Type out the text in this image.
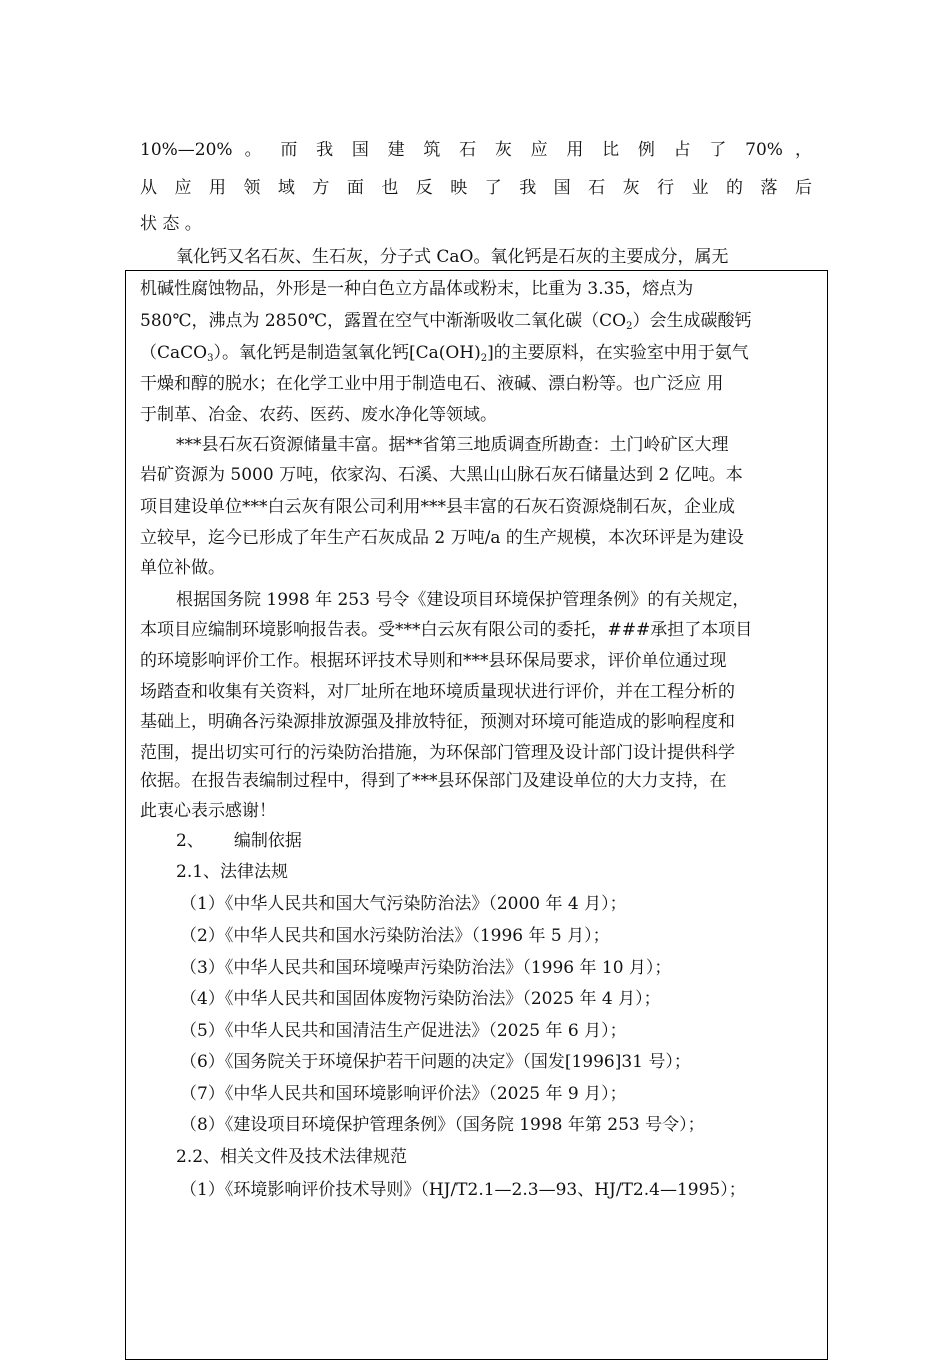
10%—20% 。 而 我 国 建 筑 石 灰 应 用 比 例 占 了 70% ，
从 应 用 领 域 方 面 也 反 映 了 我 国 石 灰 行 业 的 落 后
状 态 。
氧化钙又名石灰、生石灰，分子式 CaO。氧化钙是石灰的主要成分，属无
机碱性腐蚀物品，外形是一种白色立方晶体或粉末，比重为 3.35，熔点为
580℃，沸点为 2850℃，露置在空气中渐渐吸收二氧化碳$(CO_2)$会生成碳酸钙
（CaCO$_3$）。氧化钙是制造氢氧化钙$[Ca(OH)_2]$的主要原料，在实验室中用于氨气
干燥和醇的脱水；在化学工业中用于制造电石、液碱、漂白粉等。也广泛应 用
于制革、冶金、农药、医药、废水净化等领域。
***县石灰石资源储量丰富。据**省第三地质调查所勘查：土门岭矿区大理
岩矿资源为 5000 万吨，依家沟、石溪、大黑山山脉石灰石储量达到 2 亿吨。本
项目建设单位***白云灰有限公司利用***县丰富的石灰石资源烧制石灰，企业成
立较早，迄今已形成了年生产石灰成品 2 万吨/a 的生产规模，本次环评是为建设
单位补做。
根据国务院 1998 年 253 号令《建设项目环境保护管理条例》的有关规定，
本项目应编制环境影响报告表。受***白云灰有限公司的委托，###承担了本项目
的环境影响评价工作。根据环评技术导则和***县环保局要求，评价单位通过现
场踏查和收集有关资料，对厂址所在地环境质量现状进行评价，并在工程分析的
基础上，明确各污染源排放源强及排放特征，预测对环境可能造成的影响程度和
范围，提出切实可行的污染防治措施，为环保部门管理及设计部门设计提供科学
依据。在报告表编制过程中，得到了***县环保部门及建设单位的大力支持，在
此衷心表示感谢！
2、 编制依据
2.1、法律法规
（1）《中华人民共和国大气污染防治法》（2000 年 4 月）；
（2）《中华人民共和国水污染防治法》（1996 年 5 月）；
（3）《中华人民共和国环境噪声污染防治法》（1996 年 10 月）；
（4）《中华人民共和国固体废物污染防治法》（2025 年 4 月）；
（5）《中华人民共和国清洁生产促进法》（2025 年 6 月）；
（6）《国务院关于环境保护若干问题的决定》（国发[1996]31 号）；
（7）《中华人民共和国环境影响评价法》（2025 年 9 月）；
（8）《建设项目环境保护管理条例》（国务院 1998 年第 253 号令）；
2.2、相关文件及技术法律规范
（1）《环境影响评价技术导则》（HJ/T2.1—2.3—93、HJ/T2.4—1995）；
